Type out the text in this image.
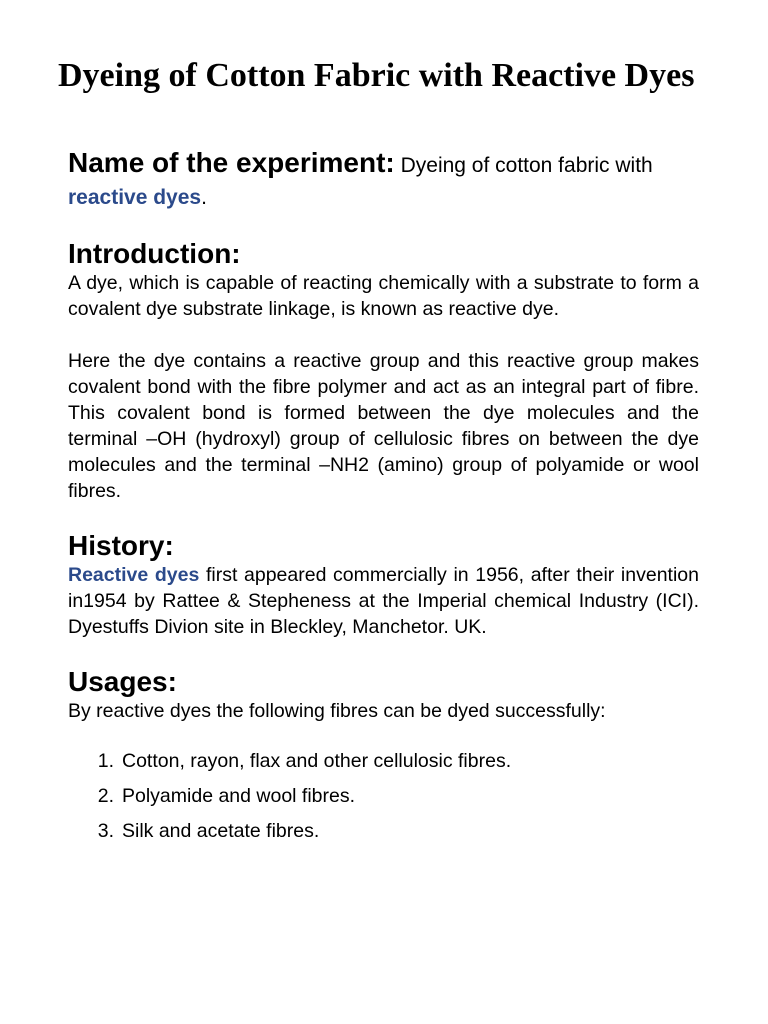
Dyeing of Cotton Fabric with Reactive Dyes

Name of the experiment: Dyeing of cotton fabric with reactive dyes.

Introduction:

A dye, which is capable of reacting chemically with a substrate to form a covalent dye substrate linkage, is known as reactive dye.

Here the dye contains a reactive group and this reactive group makes covalent bond with the fibre polymer and act as an integral part of fibre. This covalent bond is formed between the dye molecules and the terminal –OH (hydroxyl) group of cellulosic fibres on between the dye molecules and the terminal –NH2 (amino) group of polyamide or wool fibres.

History:

Reactive dyes first appeared commercially in 1956, after their invention in1954 by Rattee & Stepheness at the Imperial chemical Industry (ICI). Dyestuffs Divion site in Bleckley, Manchetor. UK.

Usages:

By reactive dyes the following fibres can be dyed successfully:

1. Cotton, rayon, flax and other cellulosic fibres.
2. Polyamide and wool fibres.
3. Silk and acetate fibres.
